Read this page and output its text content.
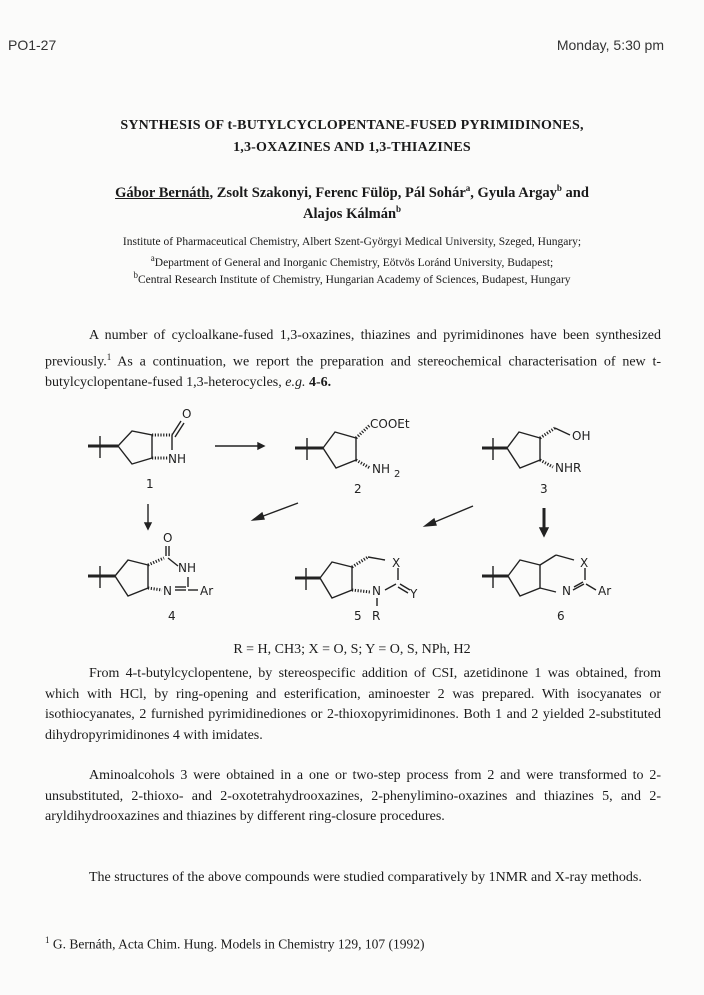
PO1-27	Monday, 5:30 pm
SYNTHESIS OF t-BUTYLCYCLOPENTANE-FUSED PYRIMIDINONES,
1,3-OXAZINES AND 1,3-THIAZINES
Gábor Bernáth, Zsolt Szakonyi, Ferenc Fülöp, Pál Sohár$^a$, Gyula Argay$^b$ and
Alajos Kálmán$^b$
Institute of Pharmaceutical Chemistry, Albert Szent-Györgyi Medical University, Szeged, Hungary;
$^a$Department of General and Inorganic Chemistry, Eötvös Loránd University, Budapest;
$^b$Central Research Institute of Chemistry, Hungarian Academy of Sciences, Budapest, Hungary
A number of cycloalkane-fused 1,3-oxazines, thiazines and pyrimidinones have been synthesized previously.$^1$ As a continuation, we report the preparation and stereochemical characterisation of new t-butylcyclopentane-fused 1,3-heterocycles, e.g. 4-6.
O
NH
1
COOEt
NH 2
2
OH
NHR
3
O
NH
N Ar
4
X
N Y
R
5
X
N Ar
6
R = H, CH3; X = O, S; Y = O, S, NPh, H2
From 4-t-butylcyclopentene, by stereospecific addition of CSI, azetidinone 1 was obtained, from which with HCl, by ring-opening and esterification, aminoester 2 was prepared. With isocyanates or isothiocyanates, 2 furnished pyrimidinediones or 2-thioxopyrimidinones. Both 1 and 2 yielded 2-substituted dihydropyrimidinones 4 with imidates.
Aminoalcohols 3 were obtained in a one or two-step process from 2 and were transformed to 2-unsubstituted, 2-thioxo- and 2-oxotetrahydrooxazines, 2-phenylimino-oxazines and thiazines 5, and 2-aryldihydrooxazines and thiazines by different ring-closure procedures.
The structures of the above compounds were studied comparatively by 1NMR and X-ray methods.
$^1$ G. Bernáth, Acta Chim. Hung. Models in Chemistry 129, 107 (1992)
